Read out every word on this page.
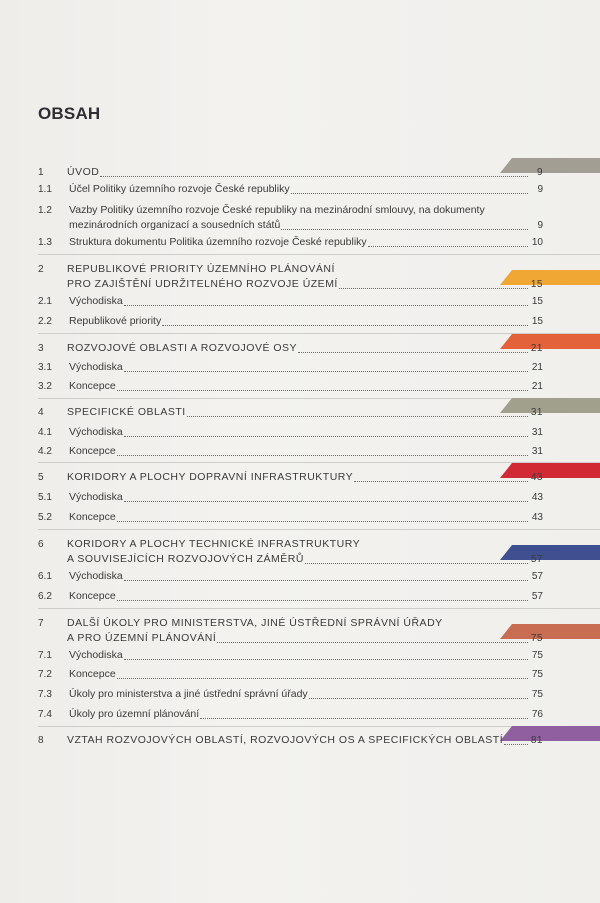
OBSAH
1 ÚVOD	9
1.1 Účel Politiky územního rozvoje České republiky	9
1.2 Vazby Politiky územního rozvoje České republiky na mezinárodní smlouvy, na dokumenty
mezinárodních organizací a sousedních států	9
1.3 Struktura dokumentu Politika územního rozvoje České republiky	10
2 REPUBLIKOVÉ PRIORITY ÚZEMNÍHO PLÁNOVÁNÍ
PRO ZAJIŠTĚNÍ UDRŽITELNÉHO ROZVOJE ÚZEMÍ	15
2.1 Východiska	15
2.2 Republikové priority	15
3 ROZVOJOVÉ OBLASTI A ROZVOJOVÉ OSY	21
3.1 Východiska	21
3.2 Koncepce	21
4 SPECIFICKÉ OBLASTI	31
4.1 Východiska	31
4.2 Koncepce	31
5 KORIDORY A PLOCHY DOPRAVNÍ INFRASTRUKTURY	43
5.1 Východiska	43
5.2 Koncepce	43
6 KORIDORY A PLOCHY TECHNICKÉ INFRASTRUKTURY
A SOUVISEJÍCÍCH ROZVOJOVÝCH ZÁMĚRŮ	57
6.1 Východiska	57
6.2 Koncepce	57
7 DALŠÍ ÚKOLY PRO MINISTERSTVA, JINÉ ÚSTŘEDNÍ SPRÁVNÍ ÚŘADY
A PRO ÚZEMNÍ PLÁNOVÁNÍ	75
7.1 Východiska	75
7.2 Koncepce	75
7.3 Úkoly pro ministerstva a jiné ústřední správní úřady	75
7.4 Úkoly pro územní plánování	76
8 VZTAH ROZVOJOVÝCH OBLASTÍ, ROZVOJOVÝCH OS A SPECIFICKÝCH OBLASTÍ	81
